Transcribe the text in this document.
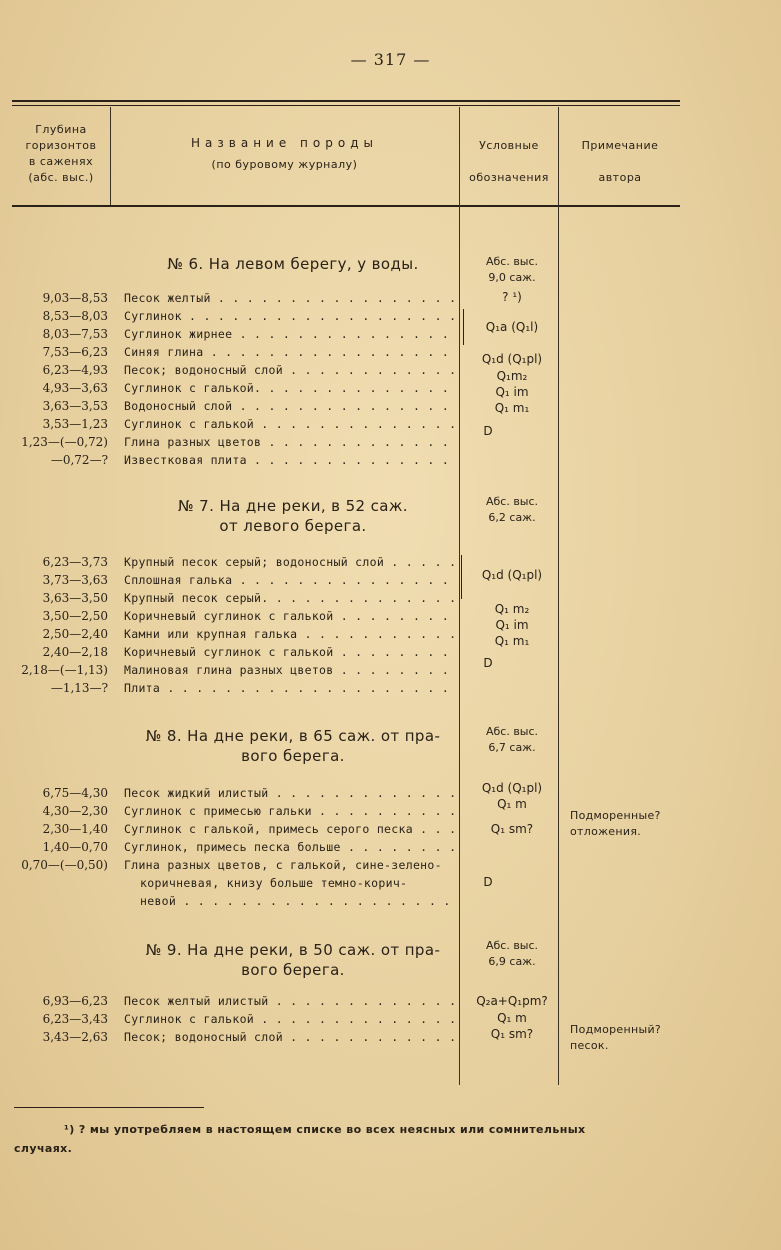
— 317 —
Глубина
горизонтов
в саженях
(абс. выс.)
Название породы
(по буровому журналу)
Условные
обозначения
Примечание
автора
№ 6. На левом берегу, у воды.	Абс. выс.
9,0 саж.
9,03—8,53 Песок желтый . . .
8,53—8,03 Суглинок . . .
8,03—7,53 Суглинок жирнее . . .
7,53—6,23 Синяя глина . . .
6,23—4,93 Песок; водоносный слой . . .
4,93—3,63 Суглинок с галькой. . . .
3,63—3,53 Водоносный слой . . .
3,53—1,23 Суглинок с галькой . . .
1,23—(—0,72) Глина разных цветов . . .
—0,72—? Известковая плита . . .
? ¹)
Q₁a (Q₁l)
Q₁d (Q₁pl)
Q₁m₂
Q₁ im
Q₁ m₁
D
№ 7. На дне реки, в 52 саж.
от левого берега.
Абс. выс.
6,2 саж.
6,23—3,73 Крупный песок серый; водоносный слой . . .
3,73—3,63 Сплошная галька . . .
3,63—3,50 Крупный песок серый. . . .
3,50—2,50 Коричневый суглинок с галькой . . .
2,50—2,40 Камни или крупная галька . . .
2,40—2,18 Коричневый суглинок с галькой . . .
2,18—(—1,13) Малиновая глина разных цветов . . .
—1,13—? Плита . . .
Q₁d (Q₁pl)
Q₁ m₂
Q₁ im
Q₁ m₁
D
№ 8. На дне реки, в 65 саж. от пра-
вого берега.
Абс. выс.
6,7 саж.
6,75—4,30 Песок жидкий илистый . . .
4,30—2,30 Суглинок с примесью гальки . . .
2,30—1,40 Суглинок с галькой, примесь серого песка . . .
1,40—0,70 Суглинок, примесь песка больше . . .
0,70—(—0,50) Глина разных цветов, с галькой, сине-зелено-
коричневая, книзу больше темно-корич-
невой . . .
Q₁d (Q₁pl)
Q₁ m
Q₁ sm?
D
Подморенные?
отложения.
№ 9. На дне реки, в 50 саж. от пра-
вого берега.
Абс. выс.
6,9 саж.
6,93—6,23 Песок желтый илистый . . .
6,23—3,43 Суглинок с галькой . . .
3,43—2,63 Песок; водоносный слой . . .
Q₂a+Q₁pm?
Q₁ m
Q₁ sm?	Подморенный?
песок.
¹) ? мы употребляем в настоящем списке во всех неясных или сомнительных
случаях.
